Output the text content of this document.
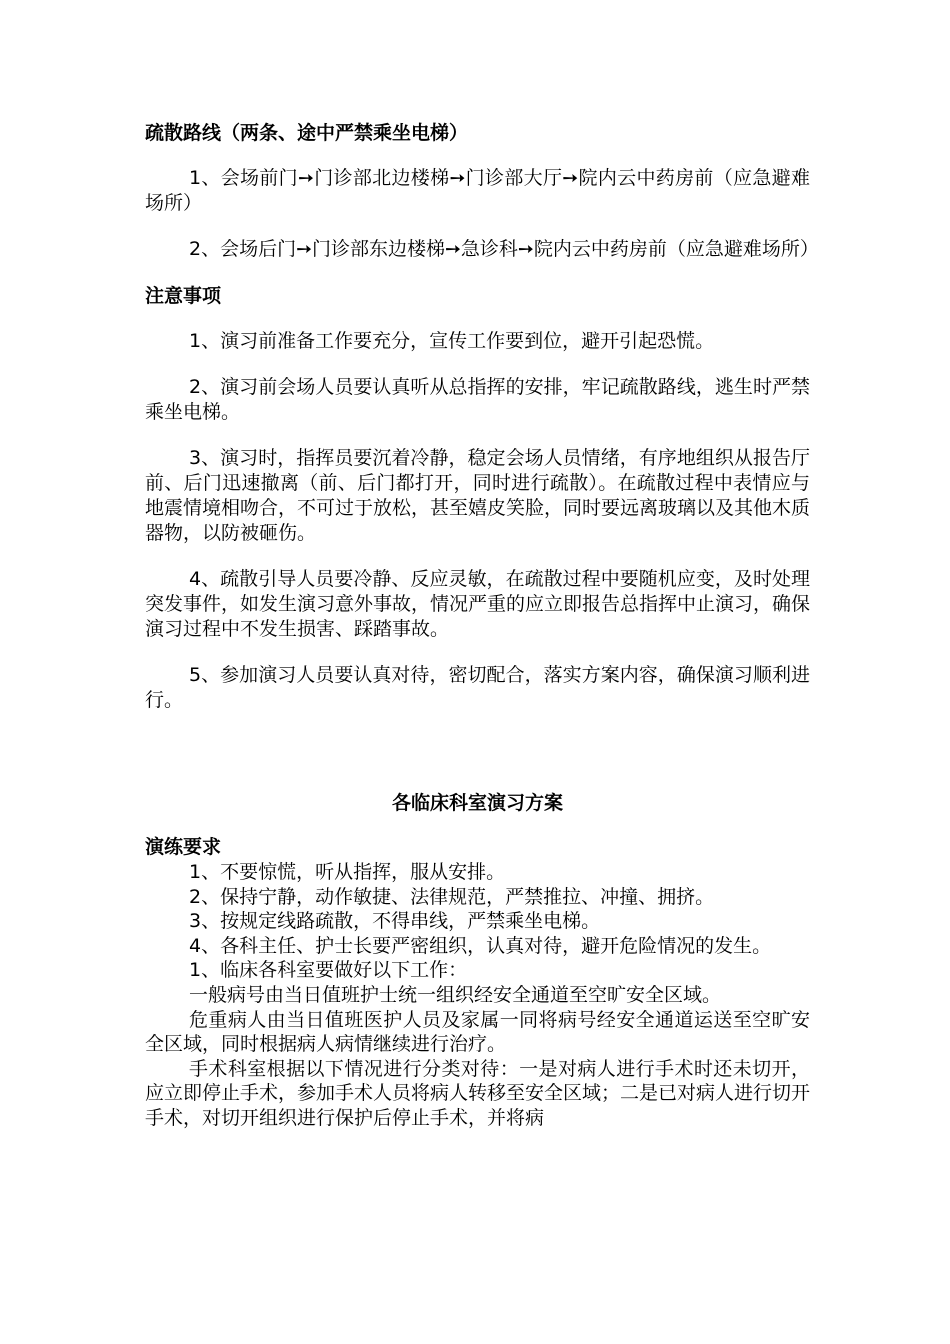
疏散路线（两条、途中严禁乘坐电梯）

1、会场前门➙门诊部北边楼梯➙门诊部大厅➙院内云中药房前（应急避难场所）

2、会场后门➙门诊部东边楼梯➙急诊科➙院内云中药房前（应急避难场所）

注意事项

1、演习前准备工作要充分，宣传工作要到位，避开引起恐慌。

2、演习前会场人员要认真听从总指挥的安排，牢记疏散路线，逃生时严禁乘坐电梯。

3、演习时，指挥员要沉着冷静，稳定会场人员情绪，有序地组织从报告厅前、后门迅速撤离（前、后门都打开，同时进行疏散）。在疏散过程中表情应与地震情境相吻合，不可过于放松，甚至嬉皮笑脸，同时要远离玻璃以及其他木质器物，以防被砸伤。

4、疏散引导人员要冷静、反应灵敏，在疏散过程中要随机应变，及时处理突发事件，如发生演习意外事故，情况严重的应立即报告总指挥中止演习，确保演习过程中不发生损害、踩踏事故。

5、参加演习人员要认真对待，密切配合，落实方案内容，确保演习顺利进行。

各临床科室演习方案
演练要求

1、不要惊慌，听从指挥，服从安排。

2、保持宁静，动作敏捷、法律规范，严禁推拉、冲撞、拥挤。

3、按规定线路疏散，不得串线，严禁乘坐电梯。

4、各科主任、护士长要严密组织，认真对待，避开危险情况的发生。

1、临床各科室要做好以下工作：

一般病号由当日值班护士统一组织经安全通道至空旷安全区域。

危重病人由当日值班医护人员及家属一同将病号经安全通道运送至空旷安全区域，同时根据病人病情继续进行治疗。

手术科室根据以下情况进行分类对待：一是对病人进行手术时还未切开，应立即停止手术，参加手术人员将病人转移至安全区域；二是已对病人进行切开手术，对切开组织进行保护后停止手术，并将病
